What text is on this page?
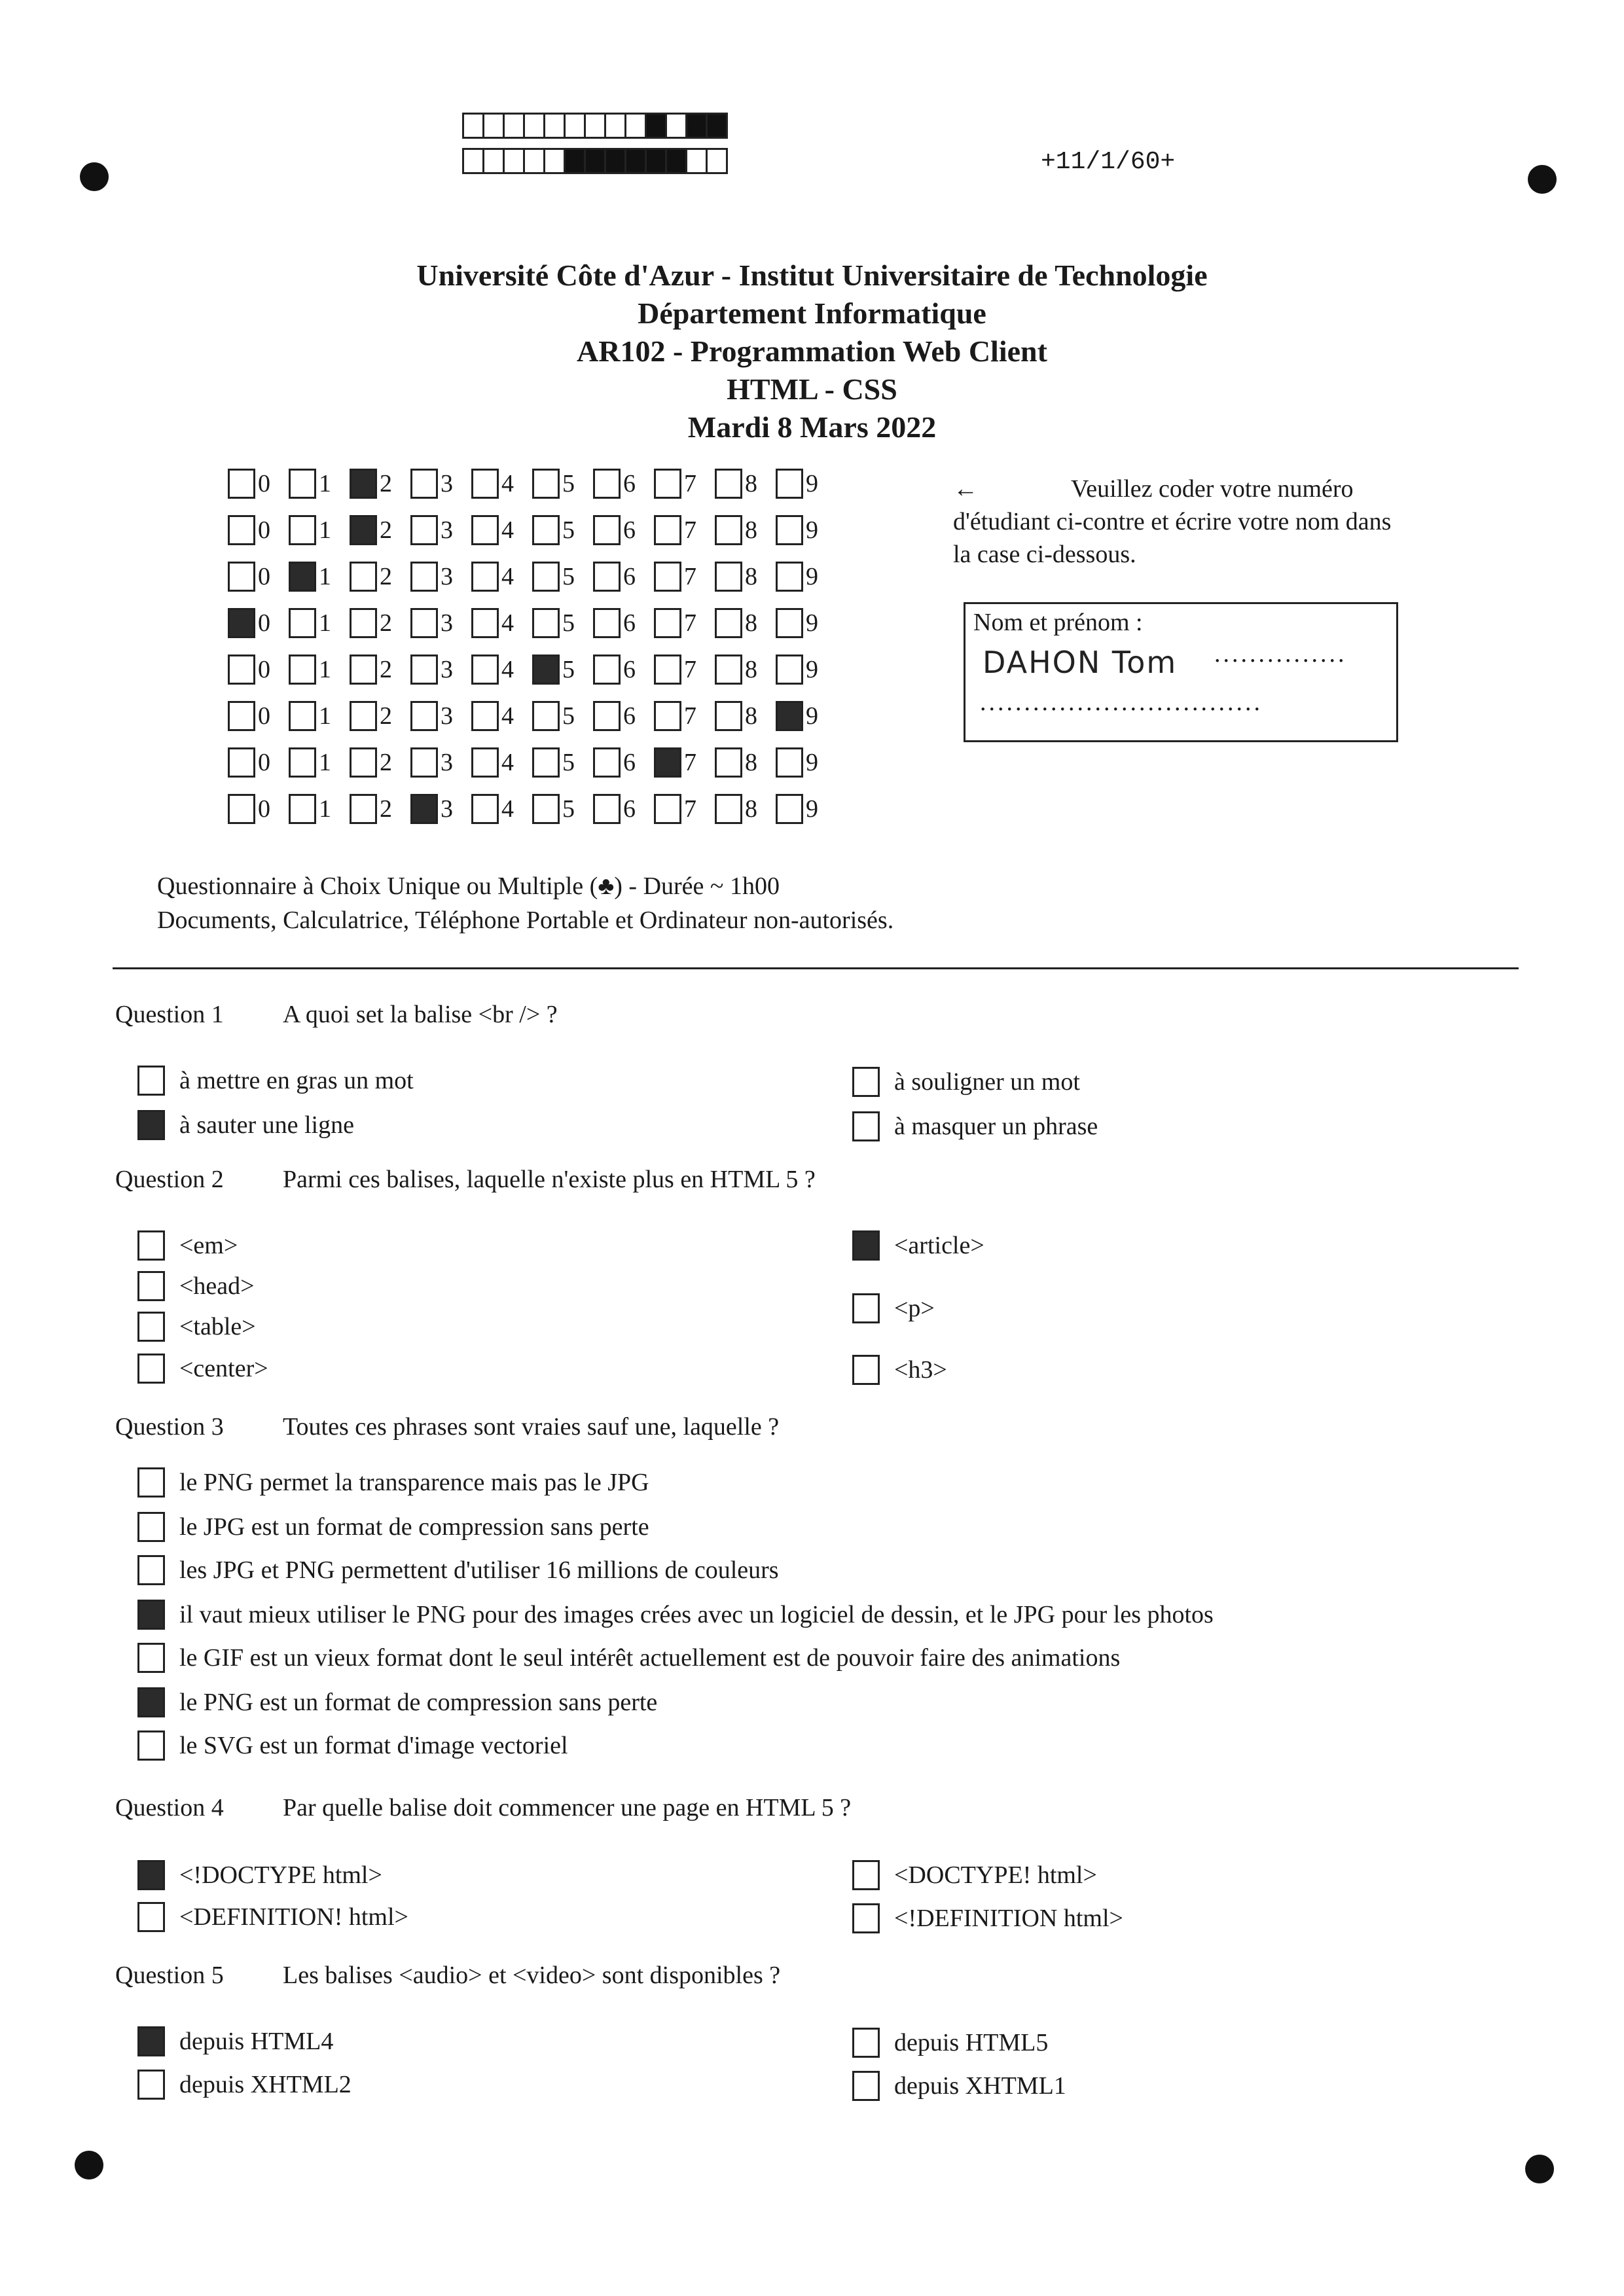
+11/1/60+
Université Côte d'Azur - Institut Universitaire de Technologie
Département Informatique
AR102 - Programmation Web Client
HTML - CSS
Mardi 8 Mars 2022
0 1 2 3 4 5 6 7 8 9
0 1 2 3 4 5 6 7 8 9
0 1 2 3 4 5 6 7 8 9
0 1 2 3 4 5 6 7 8 9
0 1 2 3 4 5 6 7 8 9
0 1 2 3 4 5 6 7 8 9
0 1 2 3 4 5 6 7 8 9
0 1 2 3 4 5 6 7 8 9
←	Veuillez coder votre numéro d'étudiant ci-contre et écrire votre nom dans la case ci-dessous.
Nom et prénom :
DAHON Tom ...............
................................
Questionnaire à Choix Unique ou Multiple (♣) - Durée ~ 1h00
Documents, Calculatrice, Téléphone Portable et Ordinateur non-autorisés.
Question 1 A quoi set la balise <br /> ?
à mettre en gras un mot
à sauter une ligne
à souligner un mot
à masquer un phrase
Question 2 Parmi ces balises, laquelle n'existe plus en HTML 5 ?
<em>
<head>
<table>
<center>
<article>
<p>
<h3>
Question 3 Toutes ces phrases sont vraies sauf une, laquelle ?
le PNG permet la transparence mais pas le JPG
le JPG est un format de compression sans perte
les JPG et PNG permettent d'utiliser 16 millions de couleurs
il vaut mieux utiliser le PNG pour des images crées avec un logiciel de dessin, et le JPG pour les photos
le GIF est un vieux format dont le seul intérêt actuellement est de pouvoir faire des animations
le PNG est un format de compression sans perte
le SVG est un format d'image vectoriel
Question 4 Par quelle balise doit commencer une page en HTML 5 ?
<!DOCTYPE html>
<DEFINITION! html>
<DOCTYPE! html>
<!DEFINITION html>
Question 5 Les balises <audio> et <video> sont disponibles ?
depuis HTML4
depuis XHTML2
depuis HTML5
depuis XHTML1
